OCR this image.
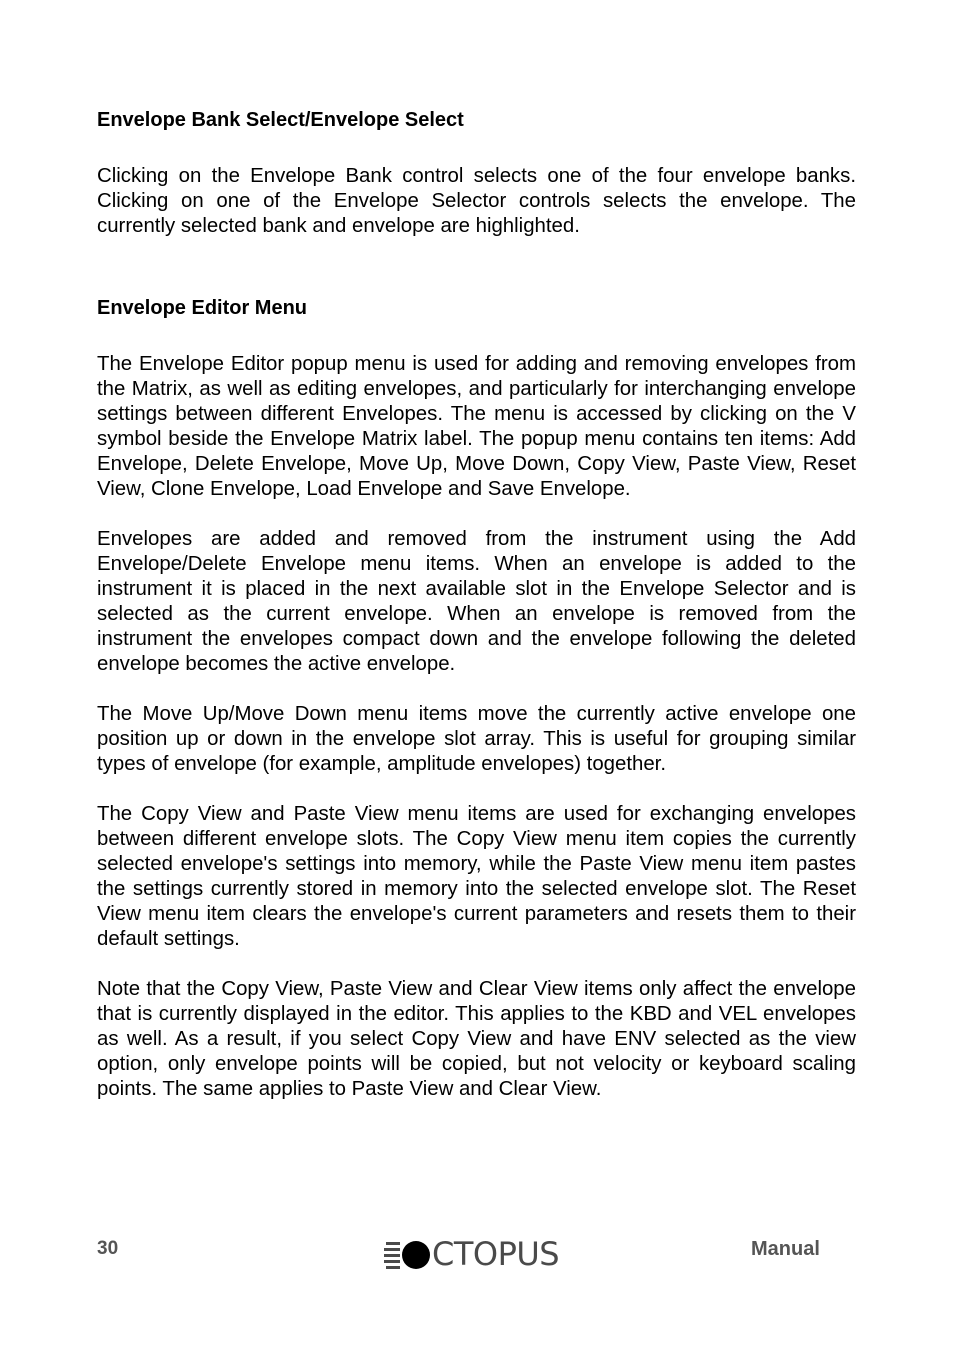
Envelope Bank Select/Envelope Select

Clicking on the Envelope Bank control selects one of the four envelope banks. Clicking on one of the Envelope Selector controls selects the envelope. The currently selected bank and envelope are highlighted.

Envelope Editor Menu

The Envelope Editor popup menu is used for adding and removing envelopes from the Matrix, as well as editing envelopes, and particularly for interchanging envelope settings between different Envelopes. The menu is accessed by clicking on the V symbol beside the Envelope Matrix label. The popup menu contains ten items: Add Envelope, Delete Envelope, Move Up, Move Down, Copy View, Paste View, Reset View, Clone Envelope, Load Envelope and Save Envelope.

Envelopes are added and removed from the instrument using the Add Envelope/Delete Envelope menu items. When an envelope is added to the instrument it is placed in the next available slot in the Envelope Selector and is selected as the current envelope. When an envelope is removed from the instrument the envelopes compact down and the envelope following the deleted envelope becomes the active envelope.

The Move Up/Move Down menu items move the currently active envelope one position up or down in the envelope slot array. This is useful for grouping similar types of envelope (for example, amplitude envelopes) together.

The Copy View and Paste View menu items are used for exchanging envelopes between different envelope slots. The Copy View menu item copies the currently selected envelope's settings into memory, while the Paste View menu item pastes the settings currently stored in memory into the selected envelope slot. The Reset View menu item clears the envelope's current parameters and resets them to their default settings.

Note that the Copy View, Paste View and Clear View items only affect the envelope that is currently displayed in the editor. This applies to the KBD and VEL envelopes as well. As a result, if you select Copy View and have ENV selected as the view option, only envelope points will be copied, but not velocity or keyboard scaling points. The same applies to Paste View and Clear View.

30	CTOPUS	Manual
